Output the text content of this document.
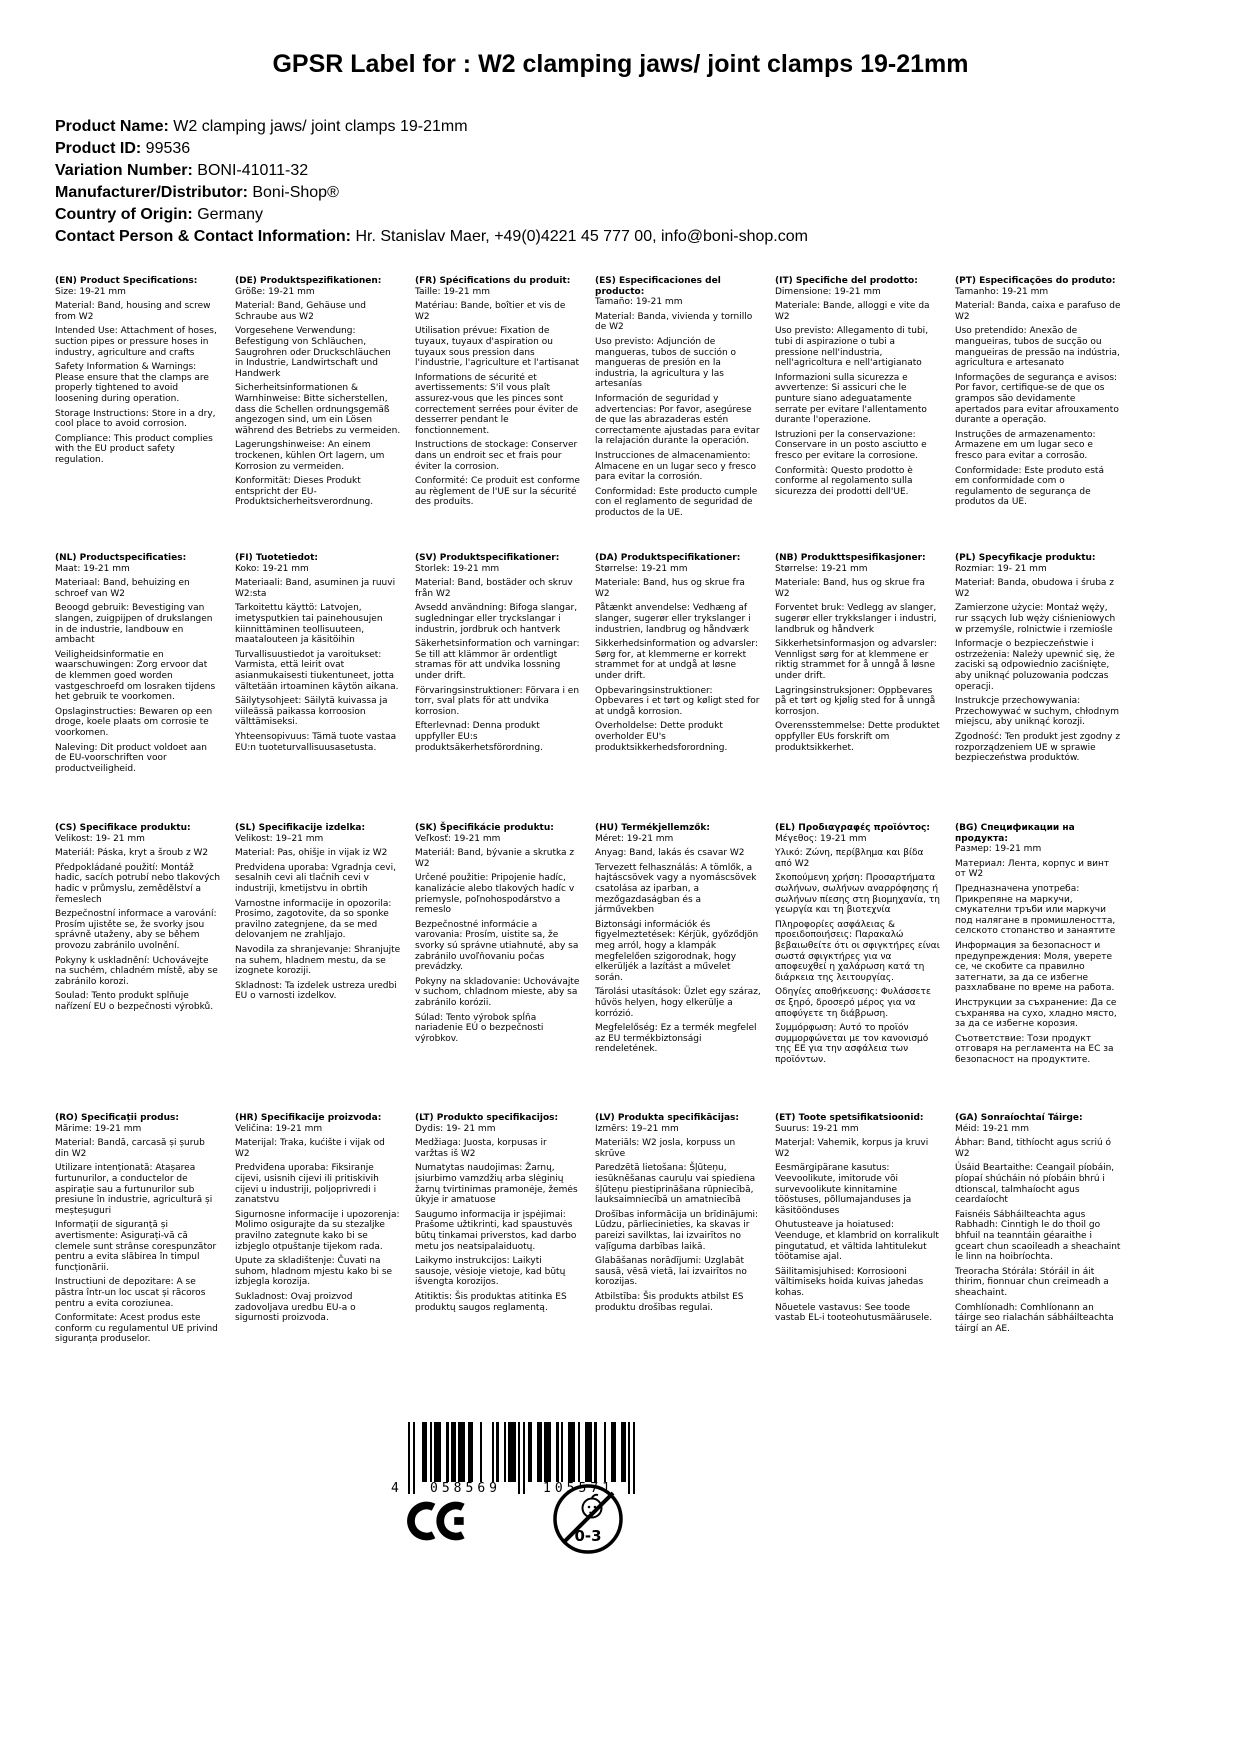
GPSR Label for : W2 clamping jaws/ joint clamps 19-21mm
Product Name: W2 clamping jaws/ joint clamps 19-21mm
Product ID: 99536
Variation Number: BONI-41011-32
Manufacturer/Distributor: Boni-Shop®
Country of Origin: Germany
Contact Person & Contact Information: Hr. Stanislav Maer, +49(0)4221 45 777 00, info@boni-shop.com
(EN) Product Specifications:

Size: 19-21 mm

Material: Band, housing and screw from W2

Intended Use: Attachment of hoses, suction pipes or pressure hoses in industry, agriculture and crafts

Safety Information & Warnings: Please ensure that the clamps are properly tightened to avoid loosening during operation.

Storage Instructions: Store in a dry, cool place to avoid corrosion.

Compliance: This product complies with the EU product safety regulation.

(DE) Produktspezifikationen:

Größe: 19-21 mm

Material: Band, Gehäuse und Schraube aus W2

Vorgesehene Verwendung: Befestigung von Schläuchen, Saugrohren oder Druckschläuchen in Industrie, Landwirtschaft und Handwerk

Sicherheitsinformationen & Warnhinweise: Bitte sicherstellen, dass die Schellen ordnungsgemäß angezogen sind, um ein Lösen während des Betriebs zu vermeiden.

Lagerungshinweise: An einem trockenen, kühlen Ort lagern, um Korrosion zu vermeiden.

Konformität: Dieses Produkt entspricht der EU-Produktsicherheitsverordnung.

(FR) Spécifications du produit:

Taille: 19-21 mm

Matériau: Bande, boîtier et vis de W2

Utilisation prévue: Fixation de tuyaux, tuyaux d'aspiration ou tuyaux sous pression dans l'industrie, l'agriculture et l'artisanat

Informations de sécurité et avertissements: S'il vous plaît assurez-vous que les pinces sont correctement serrées pour éviter de desserrer pendant le fonctionnement.

Instructions de stockage: Conserver dans un endroit sec et frais pour éviter la corrosion.

Conformité: Ce produit est conforme au règlement de l'UE sur la sécurité des produits.

(ES) Especificaciones del producto:

Tamaño: 19-21 mm

Material: Banda, vivienda y tornillo de W2

Uso previsto: Adjunción de mangueras, tubos de succión o mangueras de presión en la industria, la agricultura y las artesanías

Información de seguridad y advertencias: Por favor, asegúrese de que las abrazaderas estén correctamente ajustadas para evitar la relajación durante la operación.

Instrucciones de almacenamiento: Almacene en un lugar seco y fresco para evitar la corrosión.

Conformidad: Este producto cumple con el reglamento de seguridad de productos de la UE.

(IT) Specifiche del prodotto:

Dimensione: 19-21 mm

Materiale: Bande, alloggi e vite da W2

Uso previsto: Allegamento di tubi, tubi di aspirazione o tubi a pressione nell'industria, nell'agricoltura e nell'artigianato

Informazioni sulla sicurezza e avvertenze: Si assicuri che le punture siano adeguatamente serrate per evitare l'allentamento durante l'operazione.

Istruzioni per la conservazione: Conservare in un posto asciutto e fresco per evitare la corrosione.

Conformità: Questo prodotto è conforme al regolamento sulla sicurezza dei prodotti dell'UE.

(PT) Especificações do produto:

Tamanho: 19-21 mm

Material: Banda, caixa e parafuso de W2

Uso pretendido: Anexão de mangueiras, tubos de sucção ou mangueiras de pressão na indústria, agricultura e artesanato

Informações de segurança e avisos: Por favor, certifique-se de que os grampos são devidamente apertados para evitar afrouxamento durante a operação.

Instruções de armazenamento: Armazene em um lugar seco e fresco para evitar a corrosão.

Conformidade: Este produto está em conformidade com o regulamento de segurança de produtos da UE.

(NL) Productspecificaties:

Maat: 19-21 mm

Materiaal: Band, behuizing en schroef van W2

Beoogd gebruik: Bevestiging van slangen, zuigpijpen of drukslangen in de industrie, landbouw en ambacht

Veiligheidsinformatie en waarschuwingen: Zorg ervoor dat de klemmen goed worden vastgeschroefd om losraken tijdens het gebruik te voorkomen.

Opslaginstructies: Bewaren op een droge, koele plaats om corrosie te voorkomen.

Naleving: Dit product voldoet aan de EU-voorschriften voor productveiligheid.

(FI) Tuotetiedot:

Koko: 19-21 mm

Materiaali: Band, asuminen ja ruuvi W2:sta

Tarkoitettu käyttö: Latvojen, imetysputkien tai painehousujen kiinnittäminen teollisuuteen, maatalouteen ja käsitöihin

Turvallisuustiedot ja varoitukset: Varmista, että leirit ovat asianmukaisesti tiukentuneet, jotta vältetään irtoaminen käytön aikana.

Säilytysohjeet: Säilytä kuivassa ja viileässä paikassa korroosion välttämiseksi.

Yhteensopivuus: Tämä tuote vastaa EU:n tuoteturvallisuusasetusta.

(SV) Produktspecifikationer:

Storlek: 19-21 mm

Material: Band, bostäder och skruv från W2

Avsedd användning: Bifoga slangar, sugledningar eller tryckslangar i industrin, jordbruk och hantverk

Säkerhetsinformation och varningar: Se till att klämmor är ordentligt stramas för att undvika lossning under drift.

Förvaringsinstruktioner: Förvara i en torr, sval plats för att undvika korrosion.

Efterlevnad: Denna produkt uppfyller EU:s produktsäkerhetsförordning.

(DA) Produktspecifikationer:

Størrelse: 19-21 mm

Materiale: Band, hus og skrue fra W2

Påtænkt anvendelse: Vedhæng af slanger, sugerør eller trykslanger i industrien, landbrug og håndværk

Sikkerhedsinformation og advarsler: Sørg for, at klemmerne er korrekt strammet for at undgå at løsne under drift.

Opbevaringsinstruktioner: Opbevares i et tørt og køligt sted for at undgå korrosion.

Overholdelse: Dette produkt overholder EU's produktsikkerhedsforordning.

(NB) Produkttspesifikasjoner:

Størrelse: 19-21 mm

Materiale: Band, hus og skrue fra W2

Forventet bruk: Vedlegg av slanger, sugerør eller trykkslanger i industri, landbruk og håndverk

Sikkerhetsinformasjon og advarsler: Vennligst sørg for at klemmene er riktig strammet for å unngå å løsne under drift.

Lagringsinstruksjoner: Oppbevares på et tørt og kjølig sted for å unngå korrosjon.

Overensstemmelse: Dette produktet oppfyller EUs forskrift om produktsikkerhet.

(PL) Specyfikacje produktu:

Rozmiar: 19- 21 mm

Materiał: Banda, obudowa i śruba z W2

Zamierzone użycie: Montaż węży, rur ssących lub węży ciśnieniowych w przemyśle, rolnictwie i rzemiośle

Informacje o bezpieczeństwie i ostrzeżenia: Należy upewnić się, że zaciski są odpowiednio zaciśnięte, aby uniknąć poluzowania podczas operacji.

Instrukcje przechowywania: Przechowywać w suchym, chłodnym miejscu, aby uniknąć korozji.

Zgodność: Ten produkt jest zgodny z rozporządzeniem UE w sprawie bezpieczeństwa produktów.

(CS) Specifikace produktu:

Velikost: 19- 21 mm

Materiál: Páska, kryt a šroub z W2

Předpokládané použití: Montáž hadic, sacích potrubí nebo tlakových hadic v průmyslu, zemědělství a řemeslech

Bezpečnostní informace a varování: Prosím ujistěte se, že svorky jsou správně utaženy, aby se během provozu zabránilo uvolnění.

Pokyny k uskladnění: Uchovávejte na suchém, chladném místě, aby se zabránilo korozi.

Soulad: Tento produkt splňuje nařízení EU o bezpečnosti výrobků.

(SL) Specifikacije izdelka:

Velikost: 19–21 mm

Material: Pas, ohišje in vijak iz W2

Predvidena uporaba: Vgradnja cevi, sesalnih cevi ali tlačnih cevi v industriji, kmetijstvu in obrtih

Varnostne informacije in opozorila: Prosimo, zagotovite, da so sponke pravilno zategnjene, da se med delovanjem ne zrahljajo.

Navodila za shranjevanje: Shranjujte na suhem, hladnem mestu, da se izognete koroziji.

Skladnost: Ta izdelek ustreza uredbi EU o varnosti izdelkov.

(SK) Špecifikácie produktu:

Veľkosť: 19-21 mm

Materiál: Band, bývanie a skrutka z W2

Určené použitie: Pripojenie hadíc, kanalizácie alebo tlakových hadíc v priemysle, poľnohospodárstvo a remeslo

Bezpečnostné informácie a varovania: Prosím, uistite sa, že svorky sú správne utiahnuté, aby sa zabránilo uvoľňovaniu počas prevádzky.

Pokyny na skladovanie: Uchovávajte v suchom, chladnom mieste, aby sa zabránilo korózii.

Súlad: Tento výrobok spĺňa nariadenie EÚ o bezpečnosti výrobkov.

(HU) Termékjellemzők:

Méret: 19-21 mm

Anyag: Band, lakás és csavar W2

Tervezett felhasználás: A tömlők, a hajtáscsövek vagy a nyomáscsövek csatolása az iparban, a mezőgazdaságban és a járművekben

Biztonsági információk és figyelmeztetések: Kérjük, győződjön meg arról, hogy a klampák megfelelően szigorodnak, hogy elkerüljék a lazítást a művelet során.

Tárolási utasítások: Üzlet egy száraz, hűvös helyen, hogy elkerülje a korrózió.

Megfelelőség: Ez a termék megfelel az EU termékbiztonsági rendeletének.

(EL) Προδιαγραφές προϊόντος:

Μέγεθος: 19-21 mm

Υλικό: Ζώνη, περίβλημα και βίδα από W2

Σκοπούμενη χρήση: Προσαρτήματα σωλήνων, σωλήνων αναρρόφησης ή σωλήνων πίεσης στη βιομηχανία, τη γεωργία και τη βιοτεχνία

Πληροφορίες ασφάλειας & προειδοποιήσεις: Παρακαλώ βεβαιωθείτε ότι οι σφιγκτήρες είναι σωστά σφιγκτήρες για να αποφευχθεί η χαλάρωση κατά τη διάρκεια της λειτουργίας.

Οδηγίες αποθήκευσης: Φυλάσσετε σε ξηρό, δροσερό μέρος για να αποφύγετε τη διάβρωση.

Συμμόρφωση: Αυτό το προϊόν συμμορφώνεται με τον κανονισμό της ΕΕ για την ασφάλεια των προϊόντων.

(BG) Спецификации на продукта:

Размер: 19-21 mm

Материал: Лента, корпус и винт от W2

Предназначена употреба: Прикрепяне на маркучи, смукателни тръби или маркучи под налягане в промишлеността, селското стопанство и занаятите

Информация за безопасност и предупреждения: Моля, уверете се, че скобите са правилно затегнати, за да се избегне разхлабване по време на работа.

Инструкции за съхранение: Да се съхранява на сухо, хладно място, за да се избегне корозия.

Съответствие: Този продукт отговаря на регламента на ЕС за безопасност на продуктите.

(RO) Specificații produs:

Mărime: 19-21 mm

Material: Bandă, carcasă și șurub din W2

Utilizare intenționată: Atașarea furtunurilor, a conductelor de aspirație sau a furtunurilor sub presiune în industrie, agricultură și meșteșuguri

Informații de siguranță și avertismente: Asigurați-vă că clemele sunt strânse corespunzător pentru a evita slăbirea în timpul funcționării.

Instructiuni de depozitare: A se păstra într-un loc uscat și răcoros pentru a evita coroziunea.

Conformitate: Acest produs este conform cu regulamentul UE privind siguranța produselor.

(HR) Specifikacije proizvoda:

Veličina: 19-21 mm

Materijal: Traka, kućište i vijak od W2

Predviđena uporaba: Fiksiranje cijevi, usisnih cijevi ili pritiskivih cijevi u industriji, poljoprivredi i zanatstvu

Sigurnosne informacije i upozorenja: Molimo osigurajte da su stezaljke pravilno zategnute kako bi se izbjeglo otpuštanje tijekom rada.

Upute za skladištenje: Čuvati na suhom, hladnom mjestu kako bi se izbjegla korozija.

Sukladnost: Ovaj proizvod zadovoljava uredbu EU-a o sigurnosti proizvoda.

(LT) Produkto specifikacijos:

Dydis: 19- 21 mm

Medžiaga: Juosta, korpusas ir varžtas iš W2

Numatytas naudojimas: Žarnų, įsiurbimo vamzdžių arba slėginių žarnų tvirtinimas pramonėje, žemės ūkyje ir amatuose

Saugumo informacija ir įspėjimai: Prašome užtikrinti, kad spaustuvės būtų tinkamai priverstos, kad darbo metu jos neatsipalaiduotų.

Laikymo instrukcijos: Laikyti sausoje, vėsioje vietoje, kad būtų išvengta korozijos.

Atitiktis: Šis produktas atitinka ES produktų saugos reglamentą.

(LV) Produkta specifikācijas:

Izmērs: 19–21 mm

Materiāls: W2 josla, korpuss un skrūve

Paredzētā lietošana: Šļūteņu, iesūknēšanas cauruļu vai spiediena šļūteņu piestiprināšana rūpniecībā, lauksaimniecībā un amatniecībā

Drošības informācija un brīdinājumi: Lūdzu, pārliecinieties, ka skavas ir pareizi savilktas, lai izvairītos no vaļīguma darbības laikā.

Glabāšanas norādījumi: Uzglabāt sausā, vēsā vietā, lai izvairītos no korozijas.

Atbilstība: Šis produkts atbilst ES produktu drošības regulai.

(ET) Toote spetsifikatsioonid:

Suurus: 19-21 mm

Materjal: Vahemik, korpus ja kruvi W2

Eesmärgipärane kasutus: Veevoolikute, imitorude või survevoolikute kinnitamine tööstuses, põllumajanduses ja käsitöönduses

Ohutusteave ja hoiatused: Veenduge, et klambrid on korralikult pingutatud, et vältida lahtitulekut töötamise ajal.

Säilitamisjuhised: Korrosiooni vältimiseks hoida kuivas jahedas kohas.

Nõuetele vastavus: See toode vastab EL-i tooteohutusmäärusele.

(GA) Sonraíochtaí Táirge:

Méid: 19-21 mm

Ábhar: Band, tithíocht agus scriú ó W2

Úsáid Beartaithe: Ceangail píobáin, píopaí shúcháin nó píobáin bhrú i dtionscal, talmhaíocht agus ceardaíocht

Faisnéis Sábháilteachta agus Rabhadh: Cinntigh le do thoil go bhfuil na teanntáin géaraithe i gceart chun scaoileadh a sheachaint le linn na hoibríochta.

Treoracha Stórála: Stóráil in áit thirim, fionnuar chun creimeadh a sheachaint.

Comhlíonadh: Comhlíonann an táirge seo rialachán sábháilteachta táirgí an AE.

4	058569	105571
0-3
